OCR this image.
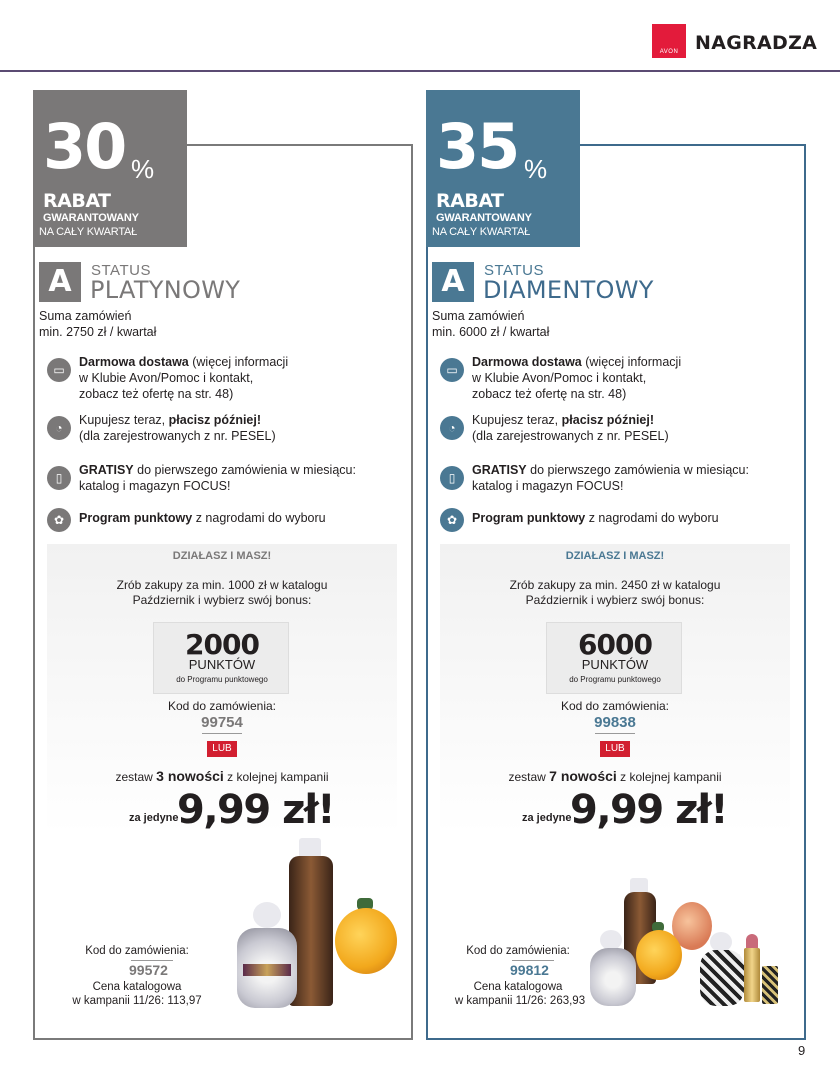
AVON NAGRADZA
30 %
RABAT
GWARANTOWANY
NA CAŁY KWARTAŁ
A	STATUS
PLATYNOWY
Suma zamówień
min. 2750 zł / kwartał
▭
Darmowa dostawa (więcej informacji
w Klubie Avon/Pomoc i kontakt,
zobacz też ofertę na str. 48)
◔
Kupujesz teraz, płacisz później!
(dla zarejestrowanych z nr. PESEL)
▯
GRATISY do pierwszego zamówienia w miesiącu:
katalog i magazyn FOCUS!
✿	Program punktowy z nagrodami do wyboru
DZIAŁASZ I MASZ!
Zrób zakupy za min. 1000 zł w katalogu
Październik i wybierz swój bonus:
2000
PUNKTÓW
do Programu punktowego
Kod do zamówienia:
99754
LUB
zestaw 3 nowości z kolejnej kampanii
za jedyne
9,99 zł!
99572
Kod do zamówienia:
Cena katalogowa
w kampanii 11/26: 113,97
35 %
RABAT
GWARANTOWANY
NA CAŁY KWARTAŁ
A	STATUS
DIAMENTOWY
Suma zamówień
min. 6000 zł / kwartał
▭
Darmowa dostawa (więcej informacji
w Klubie Avon/Pomoc i kontakt,
zobacz też ofertę na str. 48)
◔
Kupujesz teraz, płacisz później!
(dla zarejestrowanych z nr. PESEL)
▯
GRATISY do pierwszego zamówienia w miesiącu:
katalog i magazyn FOCUS!
✿	Program punktowy z nagrodami do wyboru
DZIAŁASZ I MASZ!
Zrób zakupy za min. 2450 zł w katalogu
Październik i wybierz swój bonus:
6000
PUNKTÓW
do Programu punktowego
Kod do zamówienia:
99838
LUB
zestaw 7 nowości z kolejnej kampanii
za jedyne
9,99 zł!
99812
Kod do zamówienia:
Cena katalogowa
w kampanii 11/26: 263,93
9
